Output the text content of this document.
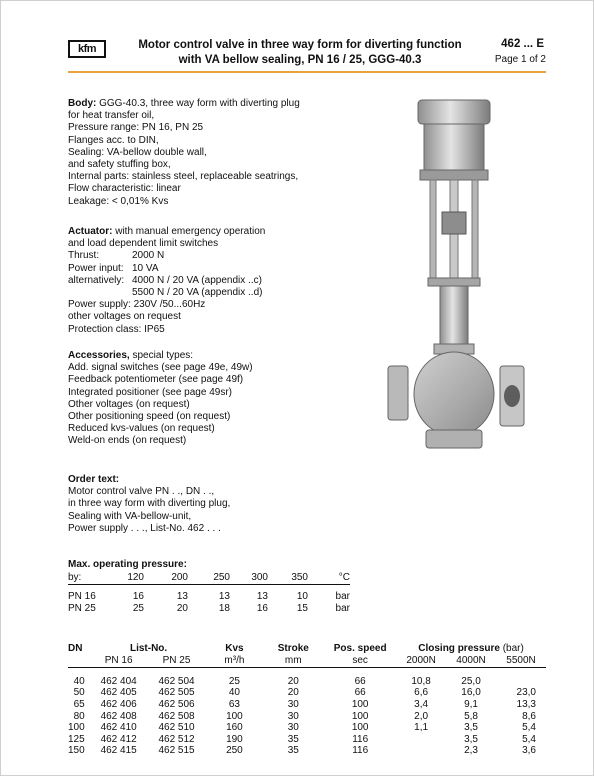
kfm	Motor control valve in three way form for diverting function
with VA bellow sealing, PN 16 / 25, GGG-40.3
462 ... E
Page 1 of 2
Body: GGG-40.3, three way form with diverting plug
for heat transfer oil,
Pressure range: PN 16, PN 25
Flanges acc. to DIN,
Sealing: VA-bellow double wall,
and safety stuffing box,
Internal parts: stainless steel, replaceable seatrings,
Flow characteristic: linear
Leakage: < 0,01% Kvs
Actuator: with manual emergency operation
and load dependent limit switches
Thrust:	2000 N
Power input: 10 VA
alternatively: 4000 N / 20 VA (appendix ..c)
5500 N / 20 VA (appendix ..d)
Power supply: 230V /50...60Hz
other voltages on request
Protection class: IP65
Accessories, special types:
Add. signal switches (see page 49e, 49w)
Feedback potentiometer (see page 49f)
Integrated positioner (see page 49sr)
Other voltages (on request)
Other positioning speed (on request)
Reduced kvs-values (on request)
Weld-on ends (on request)
Order text:
Motor control valve PN . ., DN . .,
in three way form with diverting plug,
Sealing with VA-bellow-unit,
Power supply . . ., List-No. 462 . . .
Max. operating pressure:
by:	120	200	250	300	350	°C

PN 16	16	13	13	13	10	bar
PN 25	25	20	18	16	15	bar
DN	List-No.		Kvs	Stroke	Pos. speed	Closing pressure (bar)		
	PN 16	PN 25	m³/h	mm	sec	2000N	4000N	5500N

40	462 404	462 504	25	20	66	10,8	25,0	
50	462 405	462 505	40	20	66	6,6	16,0	23,0
65	462 406	462 506	63	30	100	3,4	9,1	13,3
80	462 408	462 508	100	30	100	2,0	5,8	8,6
100	462 410	462 510	160	30	100	1,1	3,5	5,4
125	462 412	462 512	190	35	116		3,5	5,4
150	462 415	462 515	250	35	116		2,3	3,6
